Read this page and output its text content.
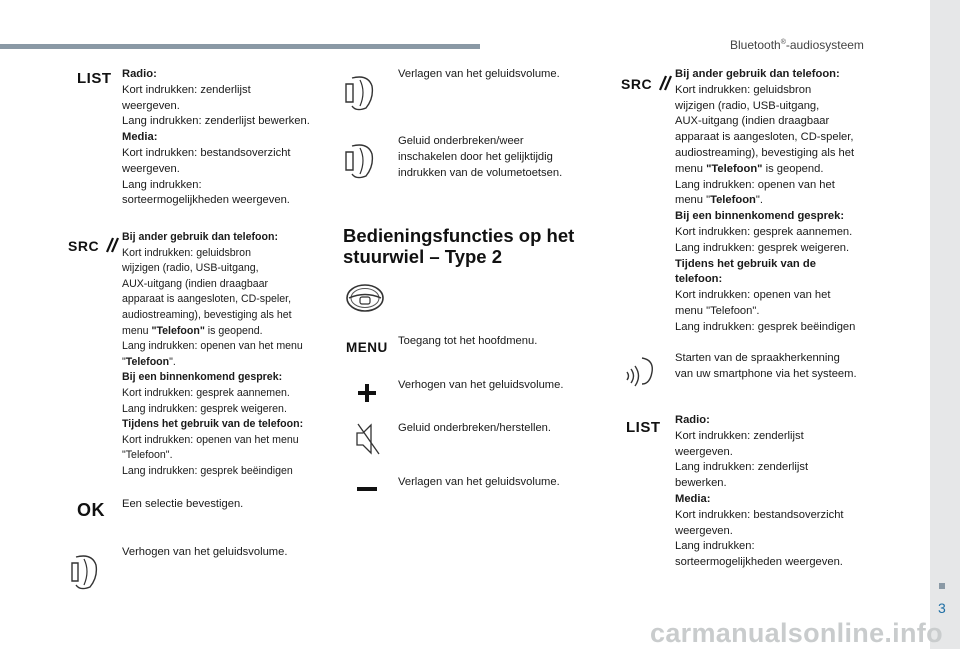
Bluetooth®-audiosysteem
3
carmanualsonline.info
LIST Radio:
Kort indrukken: zenderlijst
weergeven.
Lang indrukken: zenderlijst bewerken.
Media:
Kort indrukken: bestandsoverzicht
weergeven.
Lang indrukken:
sorteermogelijkheden weergeven.
SRC
Bij ander gebruik dan telefoon:
Kort indrukken: geluidsbron
wijzigen (radio, USB-uitgang,
AUX-uitgang (indien draagbaar
apparaat is aangesloten, CD-speler,
audiostreaming), bevestiging als het
menu "Telefoon" is geopend.
Lang indrukken: openen van het menu
"Telefoon".
Bij een binnenkomend gesprek:
Kort indrukken: gesprek aannemen.
Lang indrukken: gesprek weigeren.
Tijdens het gebruik van de telefoon:
Kort indrukken: openen van het menu
"Telefoon".
Lang indrukken: gesprek beëindigen
OK Een selectie bevestigen.
Verhogen van het geluidsvolume.
Verlagen van het geluidsvolume.
Geluid onderbreken/weer
inschakelen door het gelijktijdig
indrukken van de volumetoetsen.
Bedieningsfuncties op het
stuurwiel – Type 2
MENU Toegang tot het hoofdmenu.
Verhogen van het geluidsvolume.
Geluid onderbreken/herstellen.
Verlagen van het geluidsvolume.
SRC
Bij ander gebruik dan telefoon:
Kort indrukken: geluidsbron
wijzigen (radio, USB-uitgang,
AUX-uitgang (indien draagbaar
apparaat is aangesloten, CD-speler,
audiostreaming), bevestiging als het
menu "Telefoon" is geopend.
Lang indrukken: openen van het
menu "Telefoon".
Bij een binnenkomend gesprek:
Kort indrukken: gesprek aannemen.
Lang indrukken: gesprek weigeren.
Tijdens het gebruik van de
telefoon:
Kort indrukken: openen van het
menu "Telefoon".
Lang indrukken: gesprek beëindigen
Starten van de spraakherkenning
van uw smartphone via het systeem.
LIST Radio:
Kort indrukken: zenderlijst
weergeven.
Lang indrukken: zenderlijst
bewerken.
Media:
Kort indrukken: bestandsoverzicht
weergeven.
Lang indrukken:
sorteermogelijkheden weergeven.
